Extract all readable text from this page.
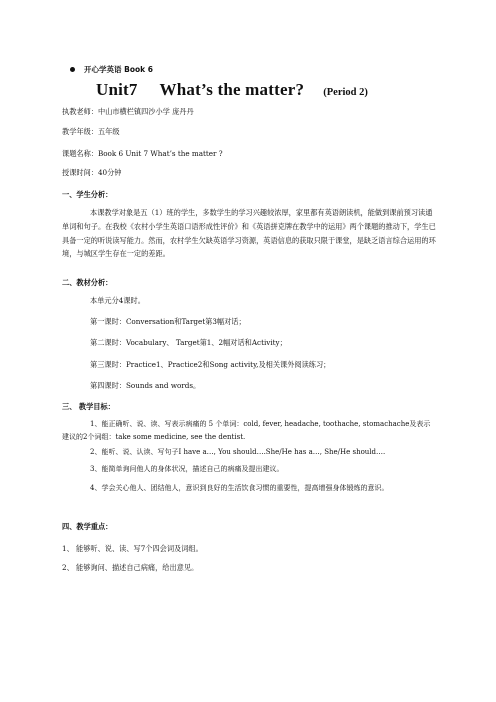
开心学英语 Book 6
Unit7     What’s the matter? (Period 2)
执教老师：中山市横栏镇四沙小学 庞丹丹
教学年级：五年级
课题名称：Book 6 Unit 7 What’s the matter ?
授课时间：40分钟
一、学生分析：
本课教学对象是五（1）班的学生，多数学生的学习兴趣较浓厚，家里都有英语朗读机，能做到课前预习读通单词和句子。在我校《农村小学生英语口语形成性评价》和《英语拼克牌在教学中的运用》两个课题的推动下，学生已具备一定的听说读写能力。然而，农村学生欠缺英语学习资源，英语信息的获取只限于课堂，是缺乏语言综合运用的环境，与城区学生存在一定的差距。
二、教材分析：
本单元分4课时。
第一课时：Conversation和Target第3幅对话；
第二课时：Vocabulary、 Target第1、2幅对话和Activity；
第三课时：Practice1、Practice2和Song activity,及相关课外阅读练习；
第四课时：Sounds and words。
三、 教学目标：
1、能正确听、说、读、写表示病痛的 5 个单词：cold, fever, headache, toothache, stomachache及表示建议的2个词组：take some medicine, see the dentist.
2、能听、说、认读、写句子I have a…, You should….She/He has a…, She/He should….
3、能简单询问他人的身体状况，描述自己的病痛及提出建议。
4、学会关心他人、团结他人，意识到良好的生活饮食习惯的重要性，提高增强身体锻炼的意识。
四、教学重点：
1、 能够听、说、读、写7个四会词及词组。
2、 能够询问、描述自己病痛，给出意见。
